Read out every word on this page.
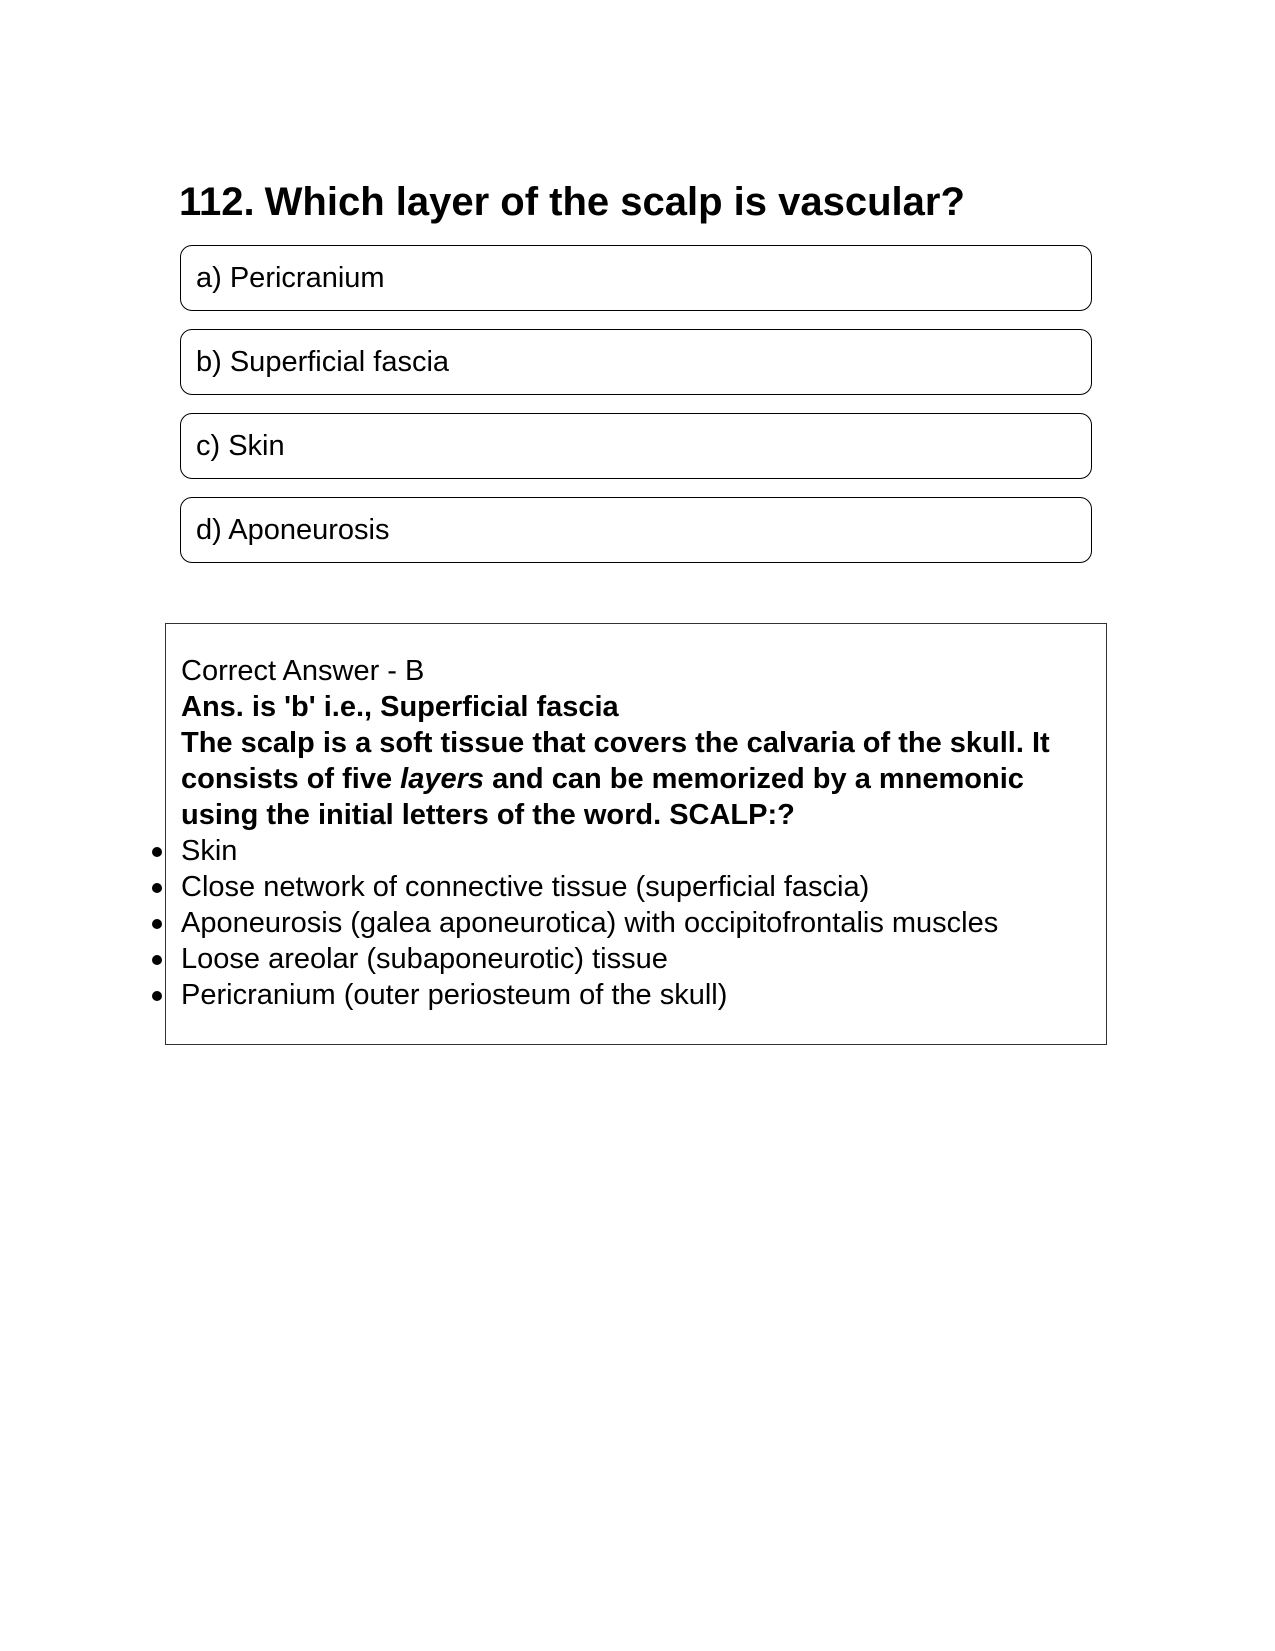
112. Which layer of the scalp is vascular?
a) Pericranium
b) Superficial fascia
c) Skin
d) Aponeurosis

Correct Answer - B

Ans. is 'b' i.e., Superficial fascia

The scalp is a soft tissue that covers the calvaria of the skull. It consists of five layers and can be memorized by a mnemonic using the initial letters of the word. SCALP:?

Skin
Close network of connective tissue (superficial fascia)
Aponeurosis (galea aponeurotica) with occipitofrontalis muscles
Loose areolar (subaponeurotic) tissue
Pericranium (outer periosteum of the skull)
